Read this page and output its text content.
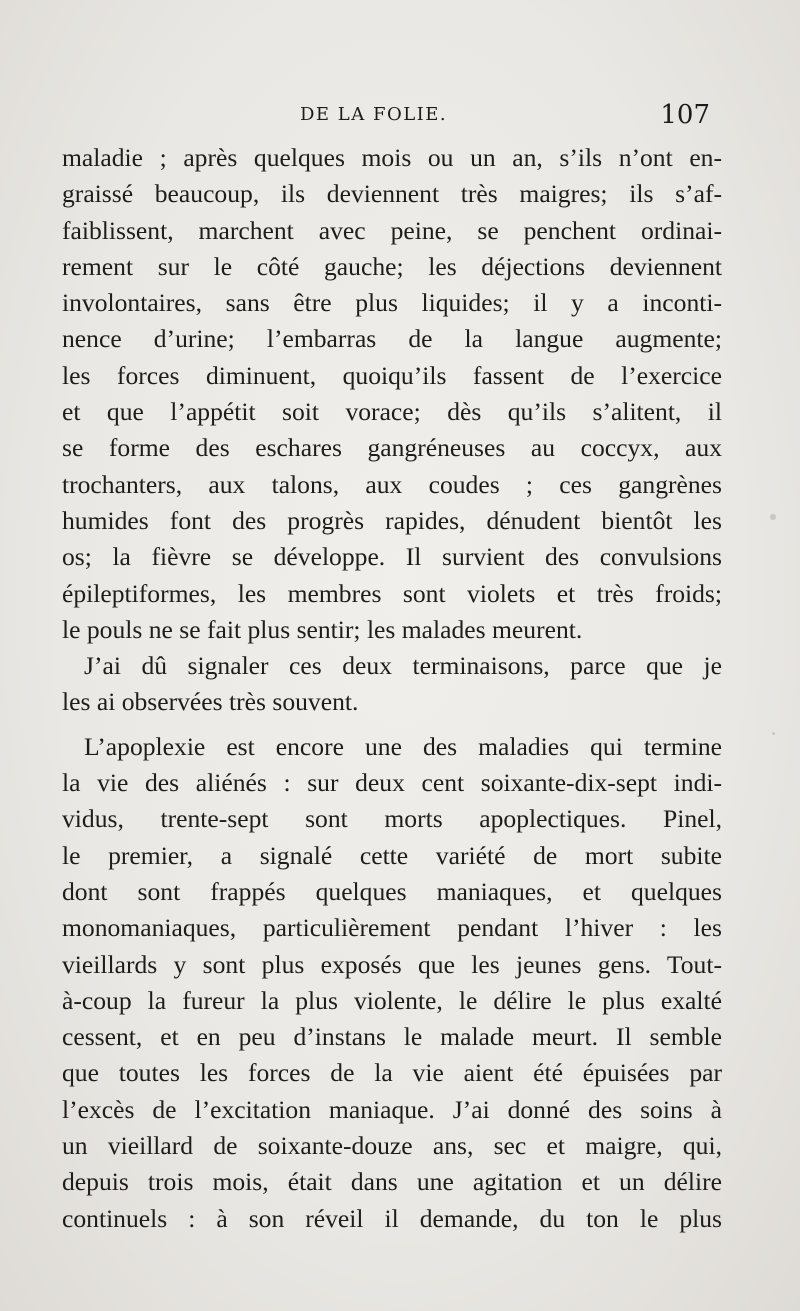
DE LA FOLIE.	107
maladie ; après quelques mois ou un an, s’ils n’ont en-
graissé beaucoup, ils deviennent très maigres; ils s’af-
faiblissent, marchent avec peine, se penchent ordinai-
rement sur le côté gauche; les déjections deviennent
involontaires, sans être plus liquides; il y a inconti-
nence d’urine; l’embarras de la langue augmente;
les forces diminuent, quoiqu’ils fassent de l’exercice
et que l’appétit soit vorace; dès qu’ils s’alitent, il
se forme des eschares gangréneuses au coccyx, aux
trochanters, aux talons, aux coudes ; ces gangrènes
humides font des progrès rapides, dénudent bientôt les
os; la fièvre se développe. Il survient des convulsions
épileptiformes, les membres sont violets et très froids;
le pouls ne se fait plus sentir; les malades meurent.
J’ai dû signaler ces deux terminaisons, parce que je
les ai observées très souvent.
L’apoplexie est encore une des maladies qui termine
la vie des aliénés : sur deux cent soixante-dix-sept indi-
vidus, trente-sept sont morts apoplectiques. Pinel,
le premier, a signalé cette variété de mort subite
dont sont frappés quelques maniaques, et quelques
monomaniaques, particulièrement pendant l’hiver : les
vieillards y sont plus exposés que les jeunes gens. Tout-
à-coup la fureur la plus violente, le délire le plus exalté
cessent, et en peu d’instans le malade meurt. Il semble
que toutes les forces de la vie aient été épuisées par
l’excès de l’excitation maniaque. J’ai donné des soins à
un vieillard de soixante-douze ans, sec et maigre, qui,
depuis trois mois, était dans une agitation et un délire
continuels : à son réveil il demande, du ton le plus
